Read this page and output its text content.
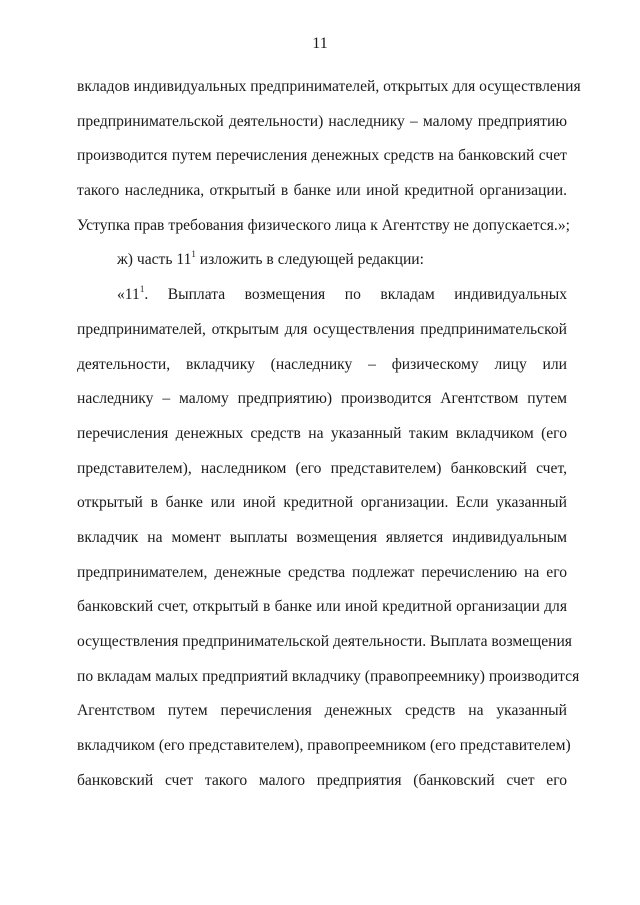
11
вкладов индивидуальных предпринимателей, открытых для осуществления
предпринимательской деятельности) наследнику – малому предприятию
производится путем перечисления денежных средств на банковский счет
такого наследника, открытый в банке или иной кредитной организации.
Уступка прав требования физического лица к Агентству не допускается.»;
ж) часть $11^1$ изложить в следующей редакции:
«$11^1$. Выплата возмещения по вкладам индивидуальных
предпринимателей, открытым для осуществления предпринимательской
деятельности, вкладчику (наследнику – физическому лицу или
наследнику – малому предприятию) производится Агентством путем
перечисления денежных средств на указанный таким вкладчиком (его
представителем), наследником (его представителем) банковский счет,
открытый в банке или иной кредитной организации. Если указанный
вкладчик на момент выплаты возмещения является индивидуальным
предпринимателем, денежные средства подлежат перечислению на его
банковский счет, открытый в банке или иной кредитной организации для
осуществления предпринимательской деятельности. Выплата возмещения
по вкладам малых предприятий вкладчику (правопреемнику) производится
Агентством путем перечисления денежных средств на указанный
вкладчиком (его представителем), правопреемником (его представителем)
банковский счет такого малого предприятия (банковский счет его
